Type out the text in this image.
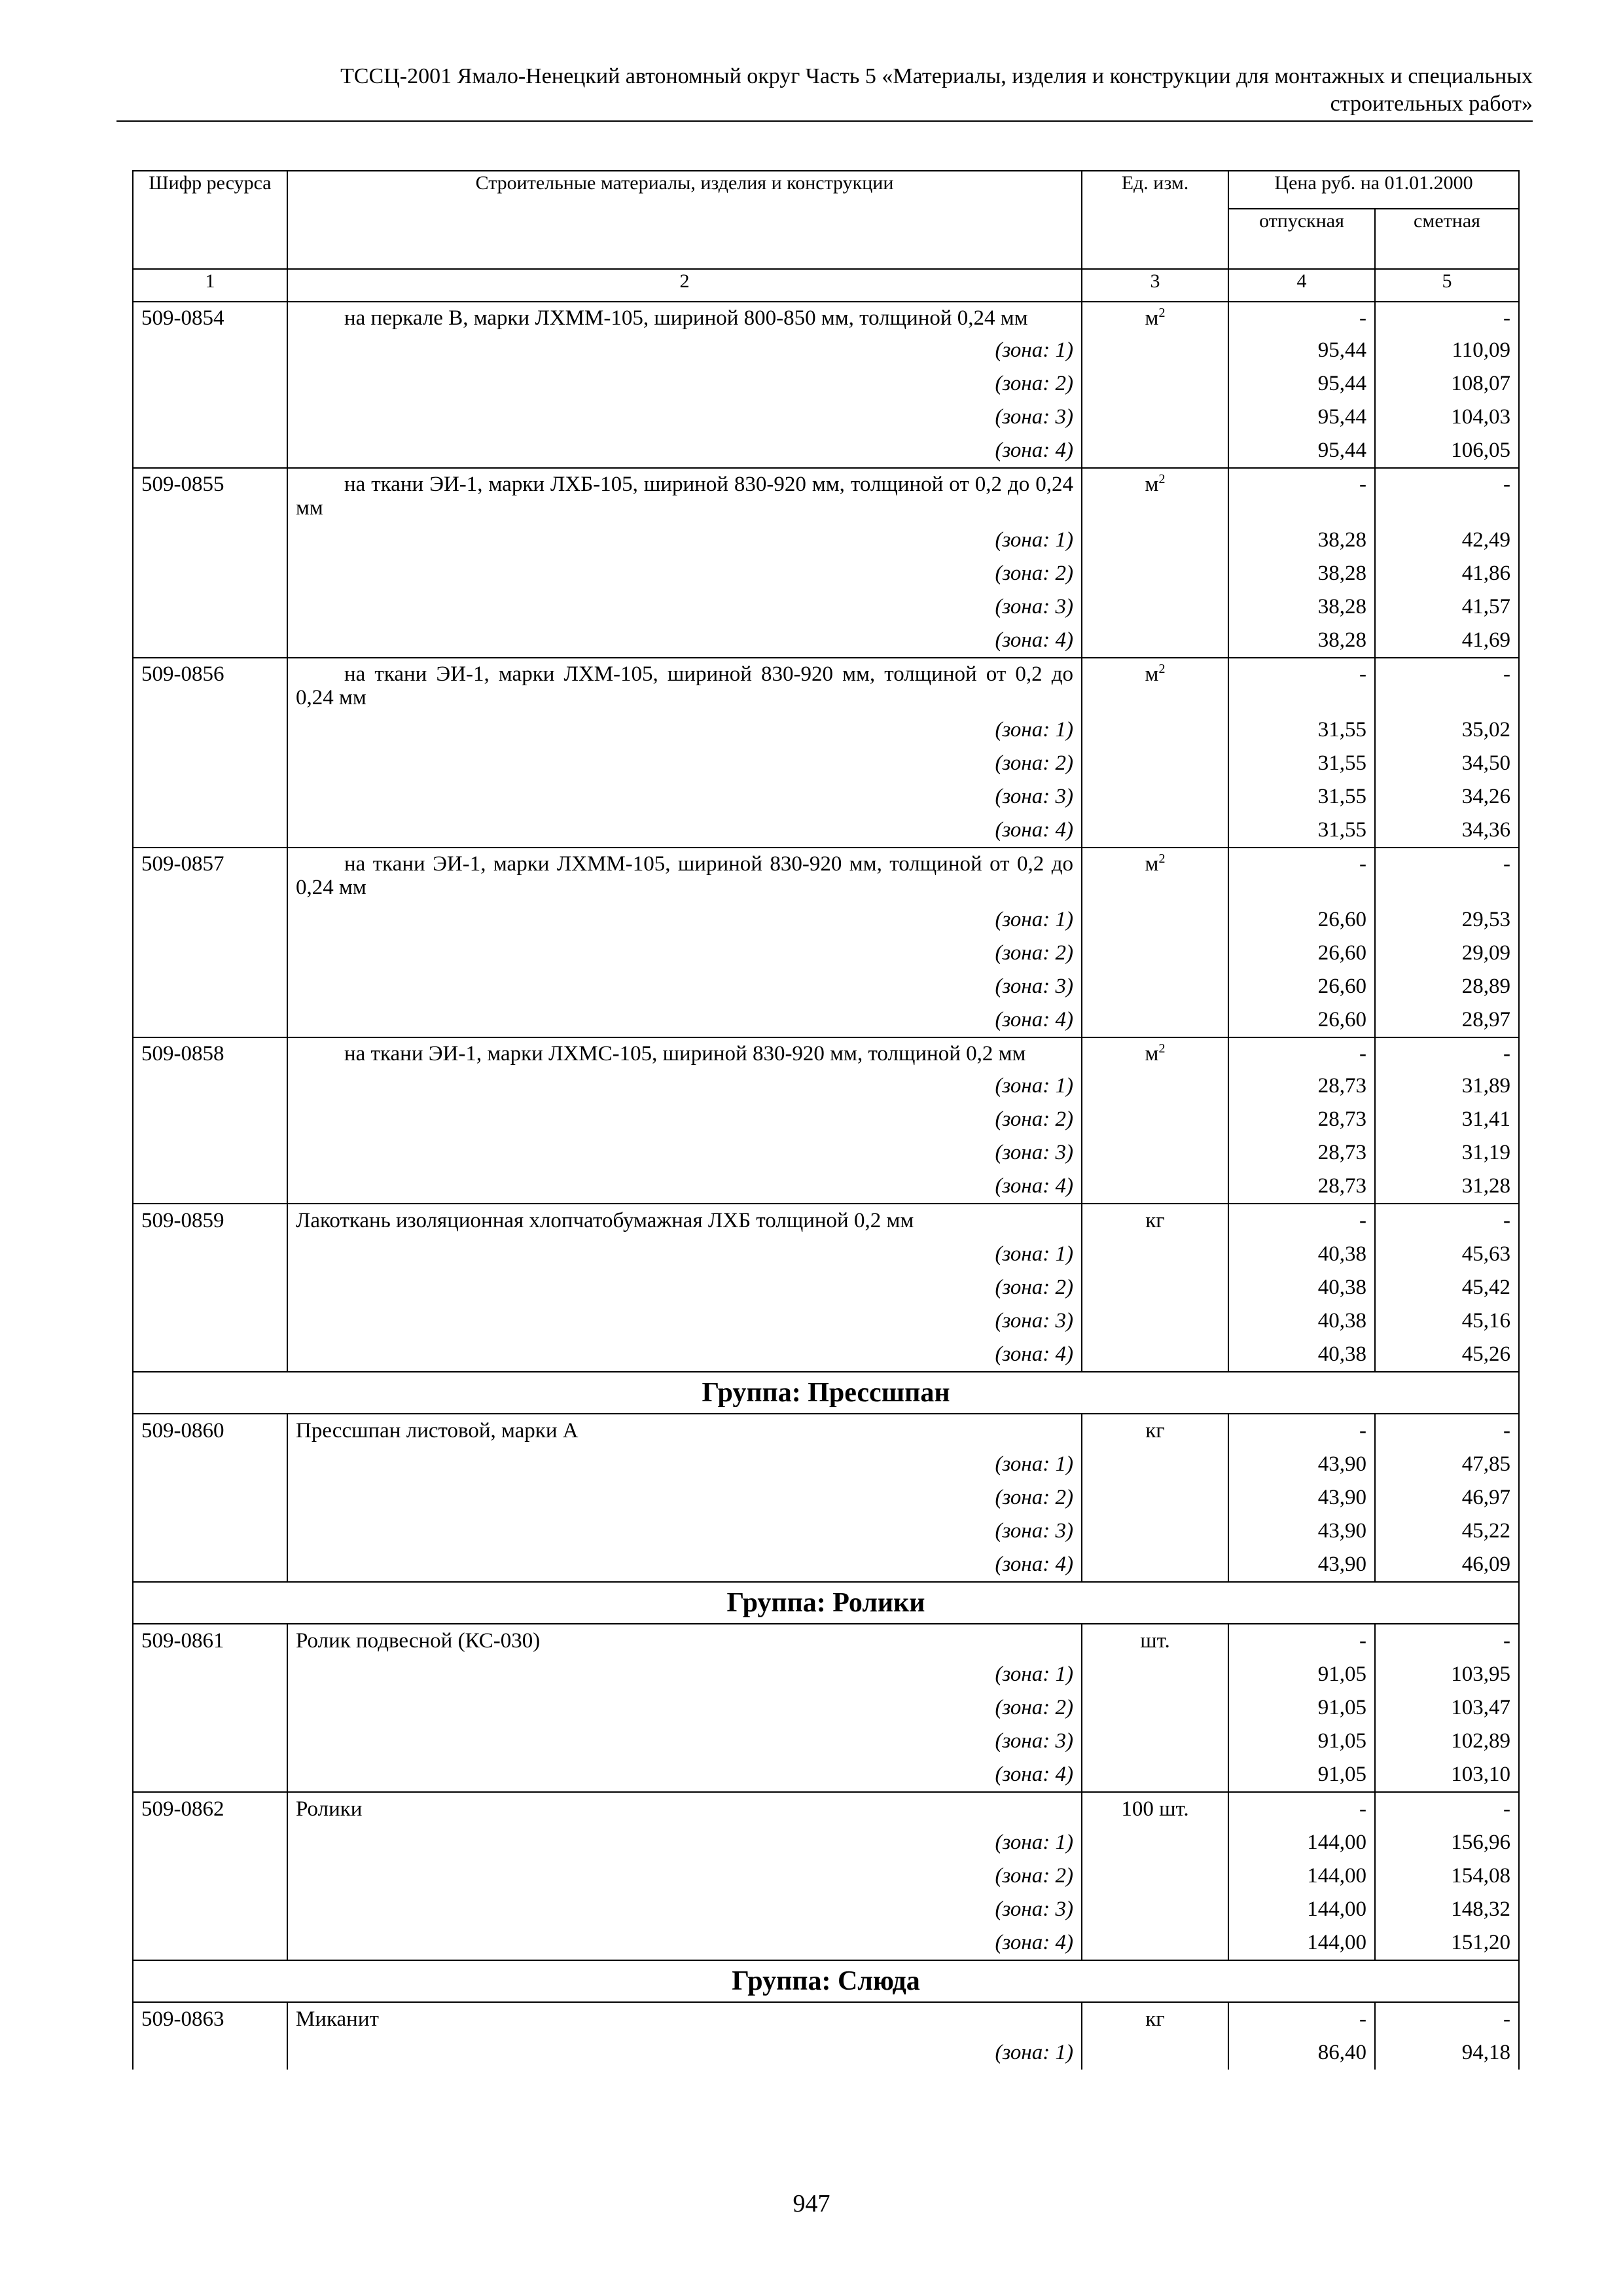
ТССЦ-2001 Ямало-Ненецкий автономный округ Часть 5 «Материалы, изделия и конструкции для монтажных и специальных
строительных работ»
Шифр ресурса	Строительные материалы, изделия и конструкции	Ед. изм.	Цена руб. на 01.01.2000	
			отпускная	сметная
1	2	3	4	5
509-0854	на перкале В, марки ЛХММ-105, шириной 800-850 мм, толщиной 0,24 мм	$м^2$	-	-
	(зона: 1)		95,44	110,09
	(зона: 2)		95,44	108,07
	(зона: 3)		95,44	104,03
	(зона: 4)		95,44	106,05
509-0855	на ткани ЭИ-1, марки ЛХБ-105, шириной 830-920 мм, толщиной от 0,2 до 0,24 мм	$м^2$	-	-
	(зона: 1)		38,28	42,49
	(зона: 2)		38,28	41,86
	(зона: 3)		38,28	41,57
	(зона: 4)		38,28	41,69
509-0856	на ткани ЭИ-1, марки ЛХМ-105, шириной 830-920 мм, толщиной от 0,2 до 0,24 мм	$м^2$	-	-
	(зона: 1)		31,55	35,02
	(зона: 2)		31,55	34,50
	(зона: 3)		31,55	34,26
	(зона: 4)		31,55	34,36
509-0857	на ткани ЭИ-1, марки ЛХММ-105, шириной 830-920 мм, толщиной от 0,2 до 0,24 мм	$м^2$	-	-
	(зона: 1)		26,60	29,53
	(зона: 2)		26,60	29,09
	(зона: 3)		26,60	28,89
	(зона: 4)		26,60	28,97
509-0858	на ткани ЭИ-1, марки ЛХМС-105, шириной 830-920 мм, толщиной 0,2 мм	$м^2$	-	-
	(зона: 1)		28,73	31,89
	(зона: 2)		28,73	31,41
	(зона: 3)		28,73	31,19
	(зона: 4)		28,73	31,28
509-0859	Лакоткань изоляционная хлопчатобумажная ЛХБ толщиной 0,2 мм	кг	-	-
	(зона: 1)		40,38	45,63
	(зона: 2)		40,38	45,42
	(зона: 3)		40,38	45,16
	(зона: 4)		40,38	45,26
Группа: Прессшпан				
509-0860	Прессшпан листовой, марки А	кг	-	-
	(зона: 1)		43,90	47,85
	(зона: 2)		43,90	46,97
	(зона: 3)		43,90	45,22
	(зона: 4)		43,90	46,09
Группа: Ролики				
509-0861	Ролик подвесной (КС-030)	шт.	-	-
	(зона: 1)		91,05	103,95
	(зона: 2)		91,05	103,47
	(зона: 3)		91,05	102,89
	(зона: 4)		91,05	103,10
509-0862	Ролики	100 шт.	-	-
	(зона: 1)		144,00	156,96
	(зона: 2)		144,00	154,08
	(зона: 3)		144,00	148,32
	(зона: 4)		144,00	151,20
Группа: Слюда				
509-0863	Миканит	кг	-	-
	(зона: 1)		86,40	94,18
947
